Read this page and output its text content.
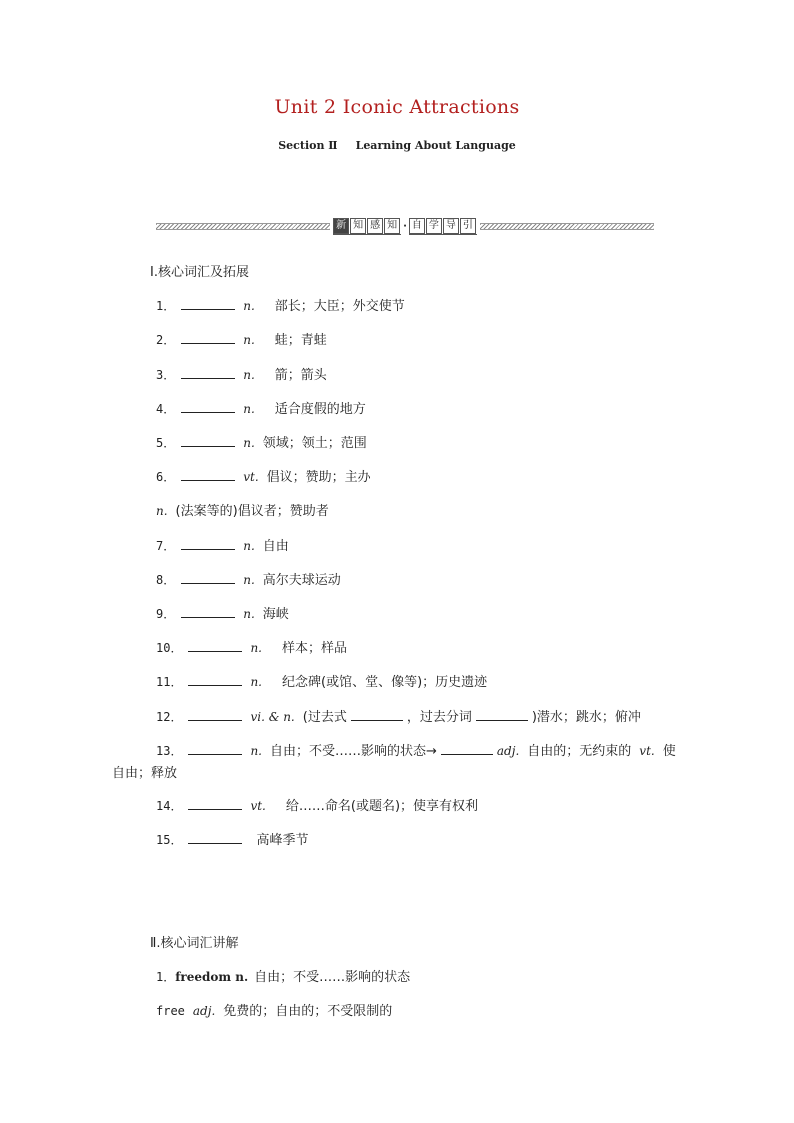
Unit 2 Iconic Attractions
Section Ⅱ Learning About Language
新 知 感 知 · 自 学 导 引
Ⅰ.核心词汇及拓展
1．	n. 部长；大臣；外交使节
2．	n. 蛙；青蛙
3．	n. 箭；箭头
4．	n. 适合度假的地方
5．	n. 领域；领土；范围
6．	vt. 倡议；赞助；主办
n. (法案等的)倡议者；赞助者
7．	n. 自由
8．	n. 高尔夫球运动
9．	n. 海峡
10．	n. 样本；样品
11．	n. 纪念碑(或馆、堂、像等)；历史遗迹
12．	vi. & n. (过去式	，过去分词	)潜水；跳水；俯冲
13．	n. 自由；不受……影响的状态→	adj. 自由的；无约束的 vt. 使
自由；释放
14．	vt. 给……命名(或题名)；使享有权利
15．	高峰季节
Ⅱ.核心词汇讲解
1．freedom n. 自由；不受……影响的状态
free adj. 免费的；自由的；不受限制的
